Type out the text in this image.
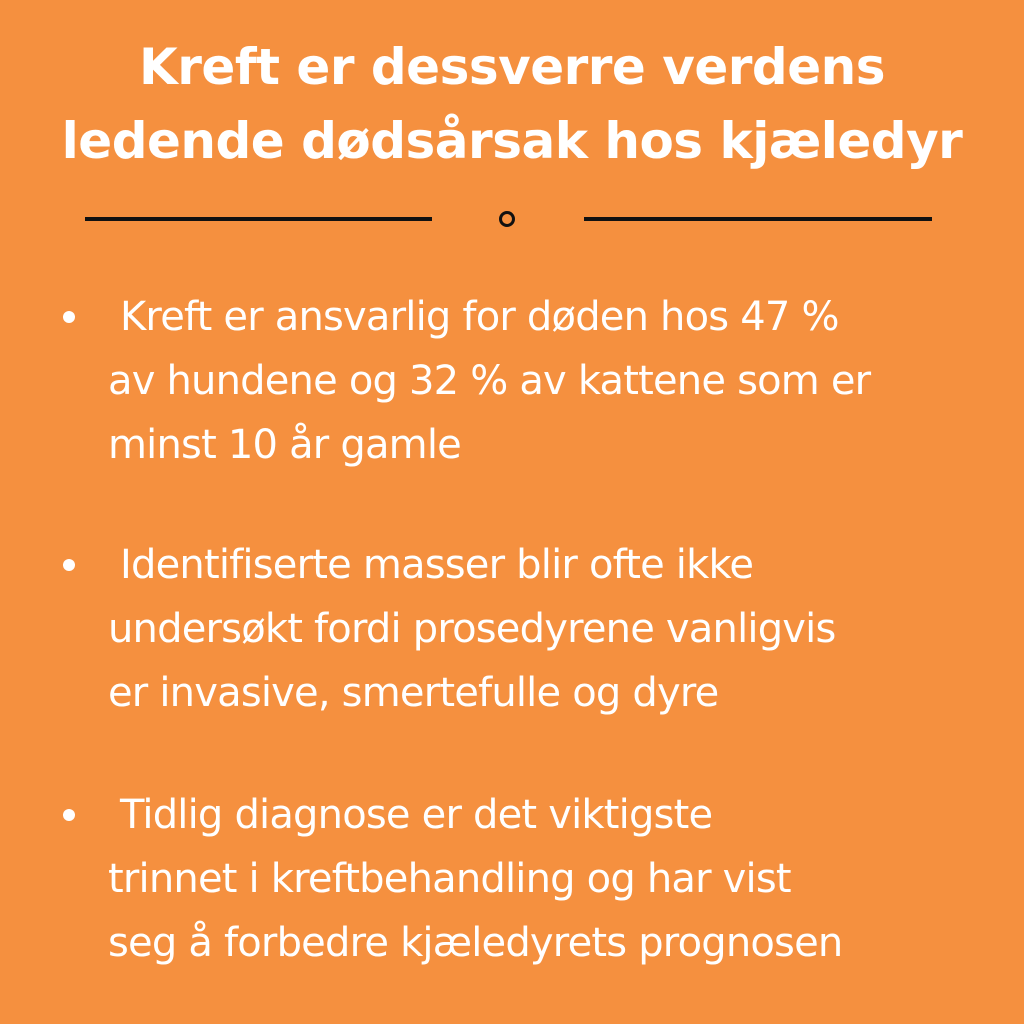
Kreft er dessverre verdens
ledende dødsårsak hos kjæledyr
Kreft er ansvarlig for døden hos 47 %
av hundene og 32 % av kattene som er
minst 10 år gamle
Identifiserte masser blir ofte ikke
undersøkt fordi prosedyrene vanligvis
er invasive, smertefulle og dyre
Tidlig diagnose er det viktigste
trinnet i kreftbehandling og har vist
seg å forbedre kjæledyrets prognosen
